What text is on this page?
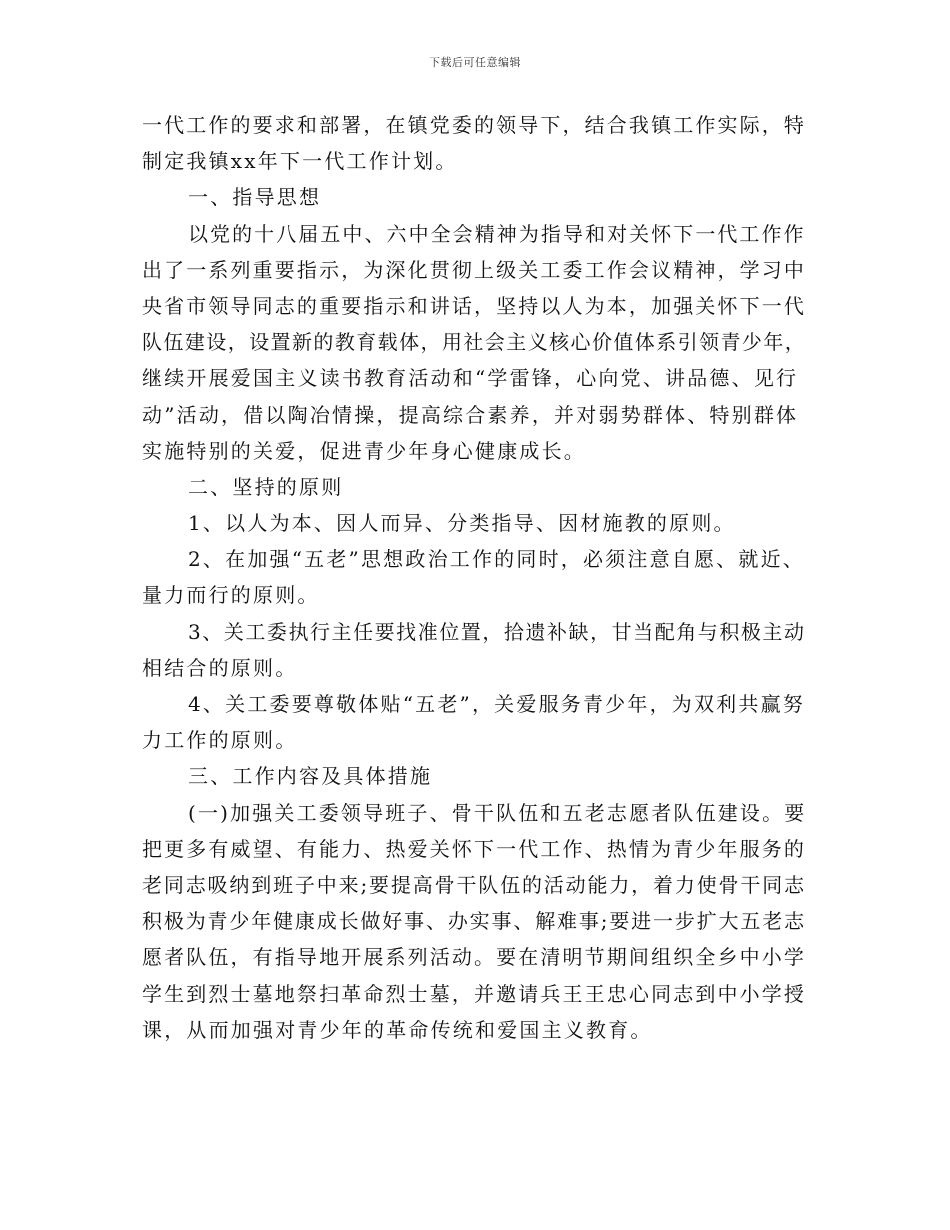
下载后可任意编辑
一代工作的要求和部署，在镇党委的领导下，结合我镇工作实际，特
制定我镇xx年下一代工作计划。
一、指导思想
以党的十八届五中、六中全会精神为指导和对关怀下一代工作作
出了一系列重要指示，为深化贯彻上级关工委工作会议精神，学习中
央省市领导同志的重要指示和讲话，坚持以人为本，加强关怀下一代
队伍建设，设置新的教育载体，用社会主义核心价值体系引领青少年，
继续开展爱国主义读书教育活动和“学雷锋，心向党、讲品德、见行
动”活动，借以陶冶情操，提高综合素养，并对弱势群体、特别群体
实施特别的关爱，促进青少年身心健康成长。
二、坚持的原则
1、以人为本、因人而异、分类指导、因材施教的原则。
2、在加强“五老”思想政治工作的同时，必须注意自愿、就近、
量力而行的原则。
3、关工委执行主任要找准位置，拾遗补缺，甘当配角与积极主动
相结合的原则。
4、关工委要尊敬体贴“五老”，关爱服务青少年，为双利共赢努
力工作的原则。
三、工作内容及具体措施
(一)加强关工委领导班子、骨干队伍和五老志愿者队伍建设。要
把更多有威望、有能力、热爱关怀下一代工作、热情为青少年服务的
老同志吸纳到班子中来;要提高骨干队伍的活动能力，着力使骨干同志
积极为青少年健康成长做好事、办实事、解难事;要进一步扩大五老志
愿者队伍，有指导地开展系列活动。要在清明节期间组织全乡中小学
学生到烈士墓地祭扫革命烈士墓，并邀请兵王王忠心同志到中小学授
课，从而加强对青少年的革命传统和爱国主义教育。
